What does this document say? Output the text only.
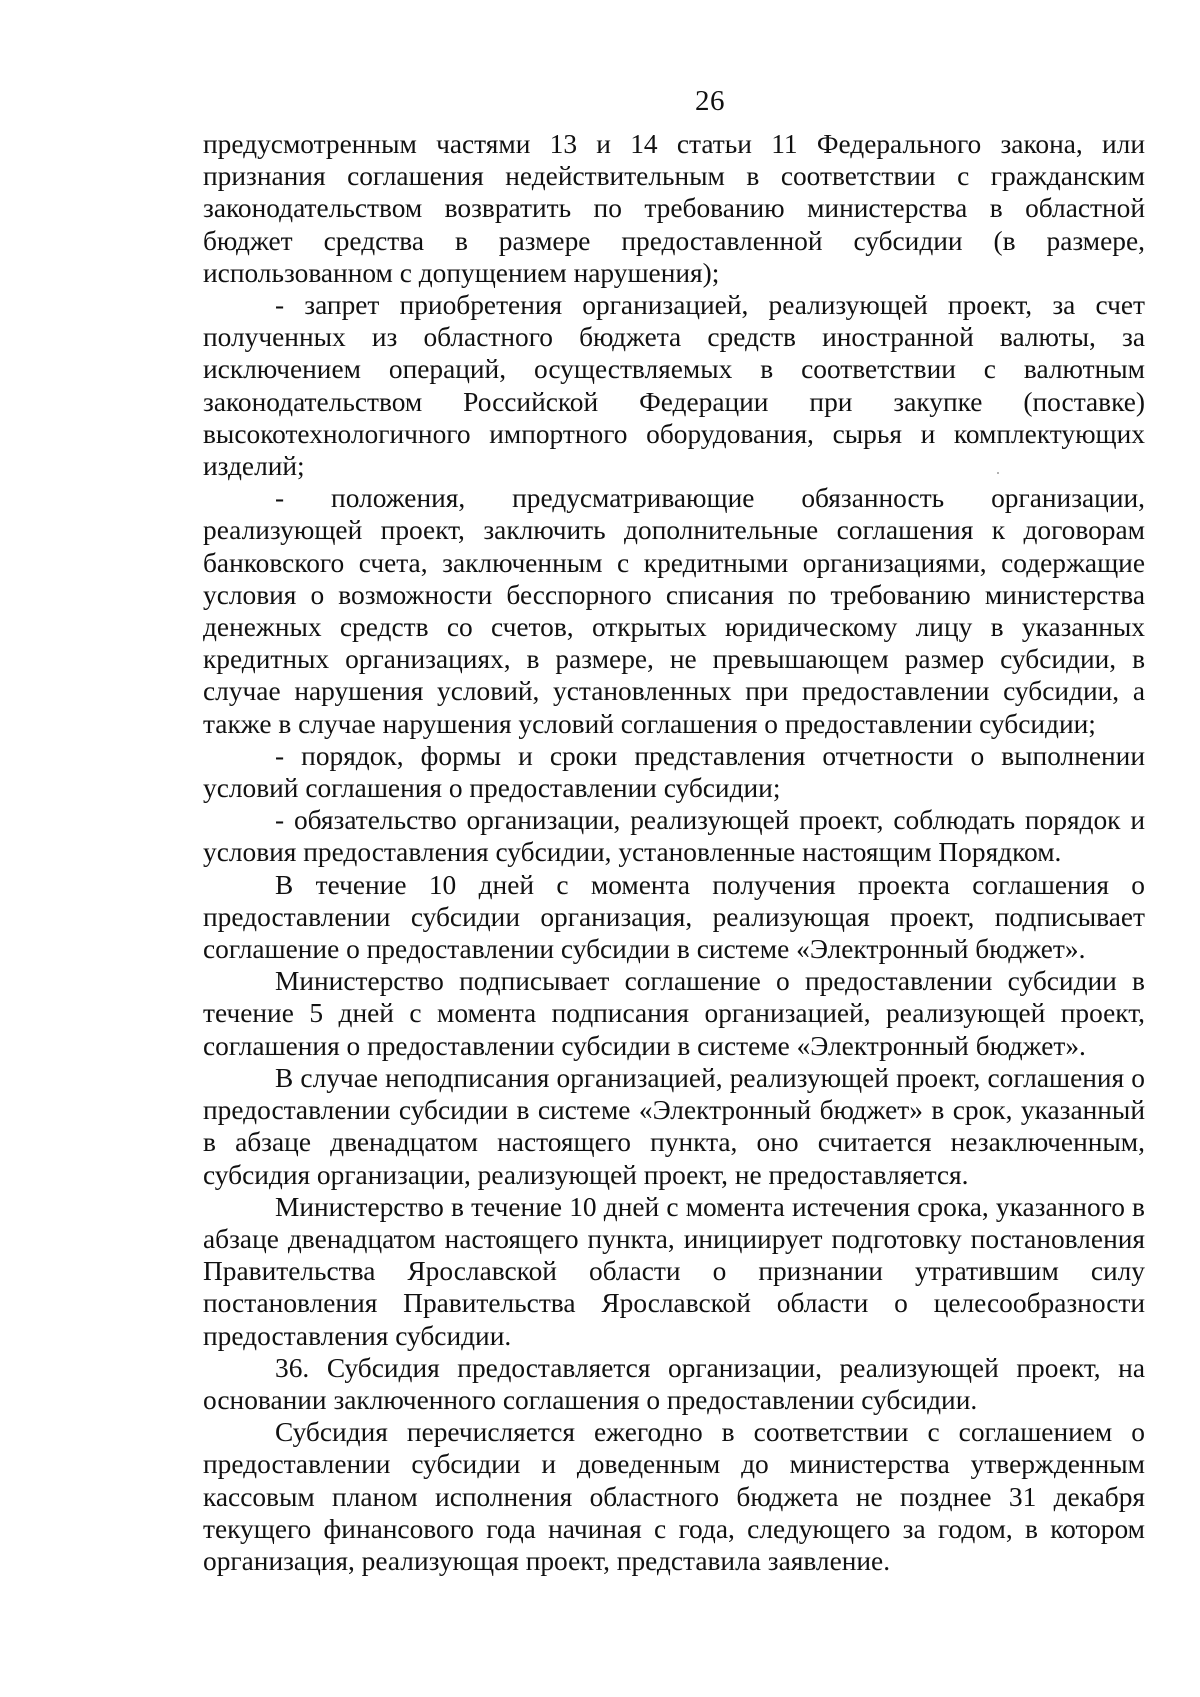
26

предусмотренным частями 13 и 14 статьи 11 Федерального закона, или признания соглашения недействительным в соответствии с гражданским законодательством возвратить по требованию министерства в областной бюджет средства в размере предоставленной субсидии (в размере, использованном с допущением нарушения);

- запрет приобретения организацией, реализующей проект, за счет полученных из областного бюджета средств иностранной валюты, за исключением операций, осуществляемых в соответствии с валютным законодательством Российской Федерации при закупке (поставке) высокотехнологичного импортного оборудования, сырья и комплектующих изделий;

- положения, предусматривающие обязанность организации, реализующей проект, заключить дополнительные соглашения к договорам банковского счета, заключенным с кредитными организациями, содержащие условия о возможности бесспорного списания по требованию министерства денежных средств со счетов, открытых юридическому лицу в указанных кредитных организациях, в размере, не превышающем размер субсидии, в случае нарушения условий, установленных при предоставлении субсидии, а также в случае нарушения условий соглашения о предоставлении субсидии;

- порядок, формы и сроки представления отчетности о выполнении условий соглашения о предоставлении субсидии;

- обязательство организации, реализующей проект, соблюдать порядок и условия предоставления субсидии, установленные настоящим Порядком.

В течение 10 дней с момента получения проекта соглашения о предоставлении субсидии организация, реализующая проект, подписывает соглашение о предоставлении субсидии в системе «Электронный бюджет».

Министерство подписывает соглашение о предоставлении субсидии в течение 5 дней с момента подписания организацией, реализующей проект, соглашения о предоставлении субсидии в системе «Электронный бюджет».

В случае неподписания организацией, реализующей проект, соглашения о предоставлении субсидии в системе «Электронный бюджет» в срок, указанный в абзаце двенадцатом настоящего пункта, оно считается незаключенным, субсидия организации, реализующей проект, не предоставляется.

Министерство в течение 10 дней с момента истечения срока, указанного в абзаце двенадцатом настоящего пункта, инициирует подготовку постановления Правительства Ярославской области о признании утратившим силу постановления Правительства Ярославской области о целесообразности предоставления субсидии.

36. Субсидия предоставляется организации, реализующей проект, на основании заключенного соглашения о предоставлении субсидии.

Субсидия перечисляется ежегодно в соответствии с соглашением о предоставлении субсидии и доведенным до министерства утвержденным кассовым планом исполнения областного бюджета не позднее 31 декабря текущего финансового года начиная с года, следующего за годом, в котором организация, реализующая проект, представила заявление.
